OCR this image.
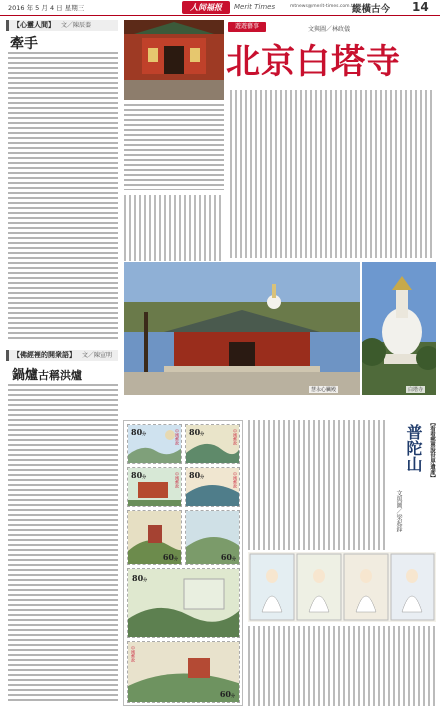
2016 年 5 月 4 日 星期三	人间福报	Merit Times	mtnews@merit-times.com.tw
縱橫古今 14
【心靈人間】 文／陳辰蓁
牽手
【佛經裡的開衆語】 文／陳宣明
鍋爐古稱洪爐
遊遊藝事	文與圖／林政儀
北京白塔寺
慧永心臟殿	白塔寺
80分	中國郵政 80分	中國郵政
80分	中國郵政 80分	中國郵政
60分	60分
80分
60分
中國郵政
【看看郵票說世界遺產】
普陀山
文與圖／梁起鋒
